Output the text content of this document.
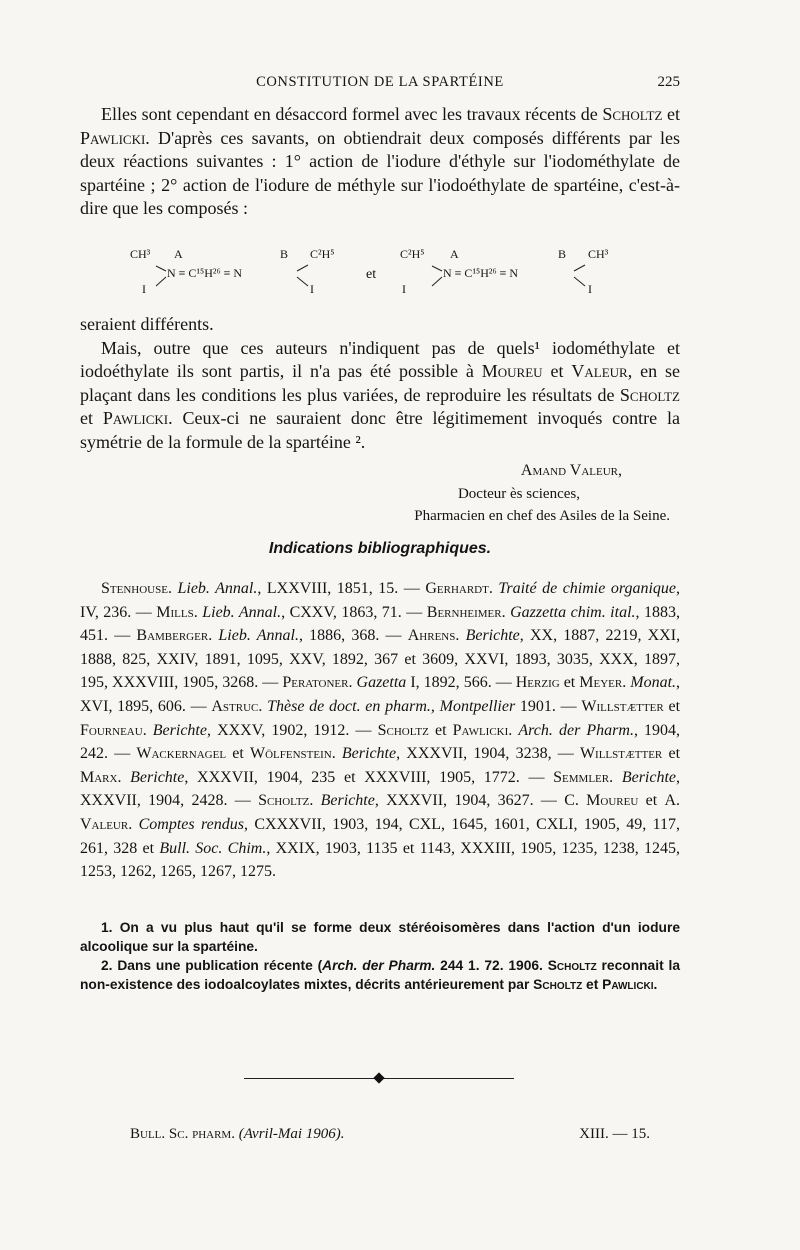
CONSTITUTION DE LA SPARTÉINE	225

Elles sont cependant en désaccord formel avec les travaux récents de Scholtz et Pawlicki. D'après ces savants, on obtiendrait deux composés différents par les deux réactions suivantes : 1° action de l'iodure d'éthyle sur l'iodométhylate de spartéine ; 2° action de l'iodure de méthyle sur l'iodoéthylate de spartéine, c'est-à-dire que les composés :

CH³ A	B C²H⁵
N ≡ C¹⁵H²⁶ ≡ N
I	I
et
C²H⁵ A	B CH³
N ≡ C¹⁵H²⁶ ≡ N
I	I

seraient différents.

Mais, outre que ces auteurs n'indiquent pas de quels¹ iodométhylate et iodoéthylate ils sont partis, il n'a pas été possible à Moureu et Valeur, en se plaçant dans les conditions les plus variées, de reproduire les résultats de Scholtz et Pawlicki. Ceux-ci ne sauraient donc être légitimement invoqués contre la symétrie de la formule de la spartéine ².

Amand Valeur,
Docteur ès sciences,
Pharmacien en chef des Asiles de la Seine.
Indications bibliographiques.

Stenhouse. Lieb. Annal., LXXVIII, 1851, 15. — Gerhardt. Traité de chimie organique, IV, 236. — Mills. Lieb. Annal., CXXV, 1863, 71. — Bernheimer. Gazzetta chim. ital., 1883, 451. — Bamberger. Lieb. Annal., 1886, 368. — Ahrens. Berichte, XX, 1887, 2219, XXI, 1888, 825, XXIV, 1891, 1095, XXV, 1892, 367 et 3609, XXVI, 1893, 3035, XXX, 1897, 195, XXXVIII, 1905, 3268. — Peratoner. Gazetta I, 1892, 566. — Herzig et Meyer. Monat., XVI, 1895, 606. — Astruc. Thèse de doct. en pharm., Montpellier 1901. — Willstætter et Fourneau. Berichte, XXXV, 1902, 1912. — Scholtz et Pawlicki. Arch. der Pharm., 1904, 242. — Wackernagel et Wölfenstein. Berichte, XXXVII, 1904, 3238, — Willstætter et Marx. Berichte, XXXVII, 1904, 235 et XXXVIII, 1905, 1772. — Semmler. Berichte, XXXVII, 1904, 2428. — Scholtz. Berichte, XXXVII, 1904, 3627. — C. Moureu et A. Valeur. Comptes rendus, CXXXVII, 1903, 194, CXL, 1645, 1601, CXLI, 1905, 49, 117, 261, 328 et Bull. Soc. Chim., XXIX, 1903, 1135 et 1143, XXXIII, 1905, 1235, 1238, 1245, 1253, 1262, 1265, 1267, 1275.

1. On a vu plus haut qu'il se forme deux stéréoisomères dans l'action d'un iodure alcoolique sur la spartéine.

2. Dans une publication récente (Arch. der Pharm. 244 1. 72. 1906. Scholtz reconnait la non-existence des iodoalcoylates mixtes, décrits antérieurement par Scholtz et Pawlicki.

Bull. Sc. pharm. (Avril-Mai 1906).	XIII. — 15.
